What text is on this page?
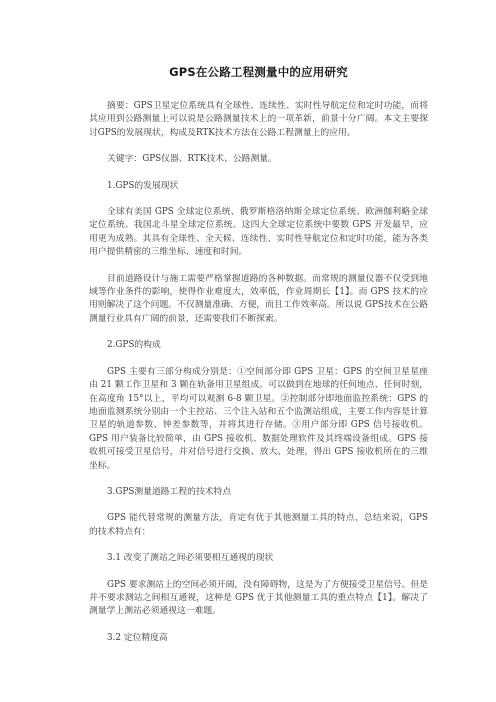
GPS在公路工程测量中的应用研究

摘要：GPS卫星定位系统具有全球性、连续性、实时性导航定位和定时功能，而将其应用到公路测量上可以说是公路测量技术上的一项革新，前景十分广阔。本文主要探讨GPS的发展现状，构成及RTK技术方法在公路工程测量上的应用。

关键字：GPS仪器、RTK技术、公路测量。

1.GPS的发展现状

全球有美国 GPS 全球定位系统、俄罗斯格洛纳斯全球定位系统、欧洲伽利略全球定位系统、我国北斗星全球定位系统。这四大全球定位系统中要数 GPS 开发最早，应用更为成熟。其具有全球性、全天候、连续性、实时性导航定位和定时功能，能为各类用户提供精密的三维坐标、速度和时间。

目前道路设计与施工需要严格掌握道路的各种数据。而常规的测量仪器不仅受到地域等作业条件的影响，使得作业难度大，效率低，作业周期长【1】。而 GPS 技术的应用则解决了这个问题。不仅测量准确、方便，而且工作效率高。所以说 GPS技术在公路测量行业具有广阔的前景，还需要我们不断探索。

2.GPS的构成

GPS 主要有三部分构成分别是：①空间部分即 GPS 卫星：GPS 的空间卫星星座由 21 颗工作卫星和 3 颗在轨备用卫星组成。可以做到在地球的任何地点、任何时刻，在高度角 15°以上，平均可以观测 6-8 颗卫星。②控制部分即地面监控系统：GPS 的地面监测系统分别由一个主控站、三个注入站和五个监测站组成，主要工作内容是计算卫星的轨道参数、钟差参数等，并将其进行存储。③用户部分即 GPS 信号接收机。GPS 用户装备比较简单，由 GPS 接收机、数据处理软件及其终端设备组成。GPS 接收机可接受卫星信号，并对信号进行交换、放大、处理，得出 GPS 接收机所在的三维坐标。

3.GPS测量道路工程的技术特点

GPS 能代替常规的测量方法，肯定有优于其他测量工具的特点，总结来说，GPS 的技术特点有：

3.1 改变了测站之间必须要相互通视的现状

GPS 要求测站上的空间必须开阔，没有障碍物，这是为了方便接受卫星信号。但是并不要求测站之间相互通视，这种是 GPS 优于其他测量工具的重点特点【1】。解决了测量学上测站必须通视这一难题。

3.2 定位精度高
